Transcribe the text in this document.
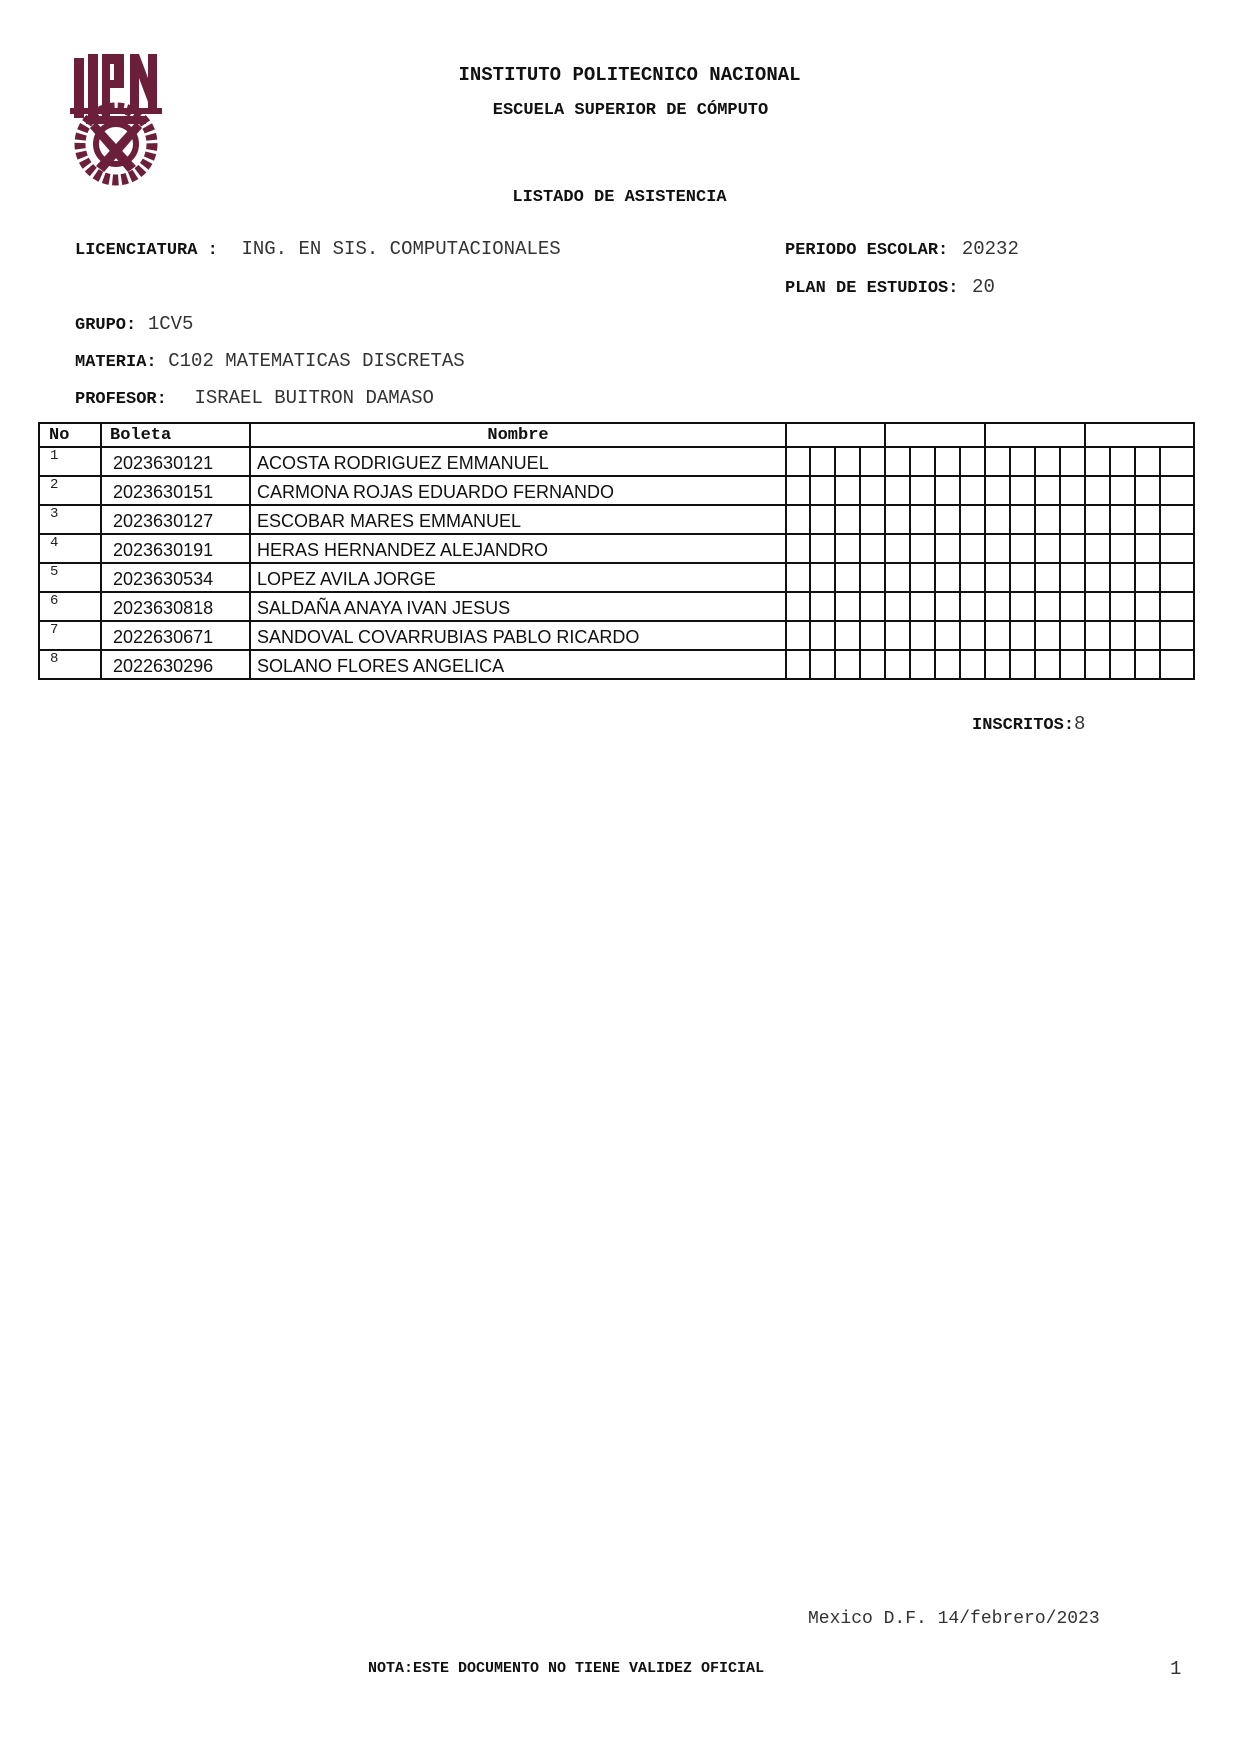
INSTITUTO POLITECNICO NACIONAL
ESCUELA SUPERIOR DE CÓMPUTO
LISTADO DE ASISTENCIA
LICENCIATURA : ING. EN SIS. COMPUTACIONALES	PERIODO ESCOLAR: 20232
PLAN DE ESTUDIOS: 20
GRUPO: 1CV5
MATERIA: C102 MATEMATICAS DISCRETAS
PROFESOR: ISRAEL BUITRON DAMASO
No	Boleta	Nombre																
1	2023630121	ACOSTA RODRIGUEZ EMMANUEL																
2	2023630151	CARMONA ROJAS EDUARDO FERNANDO																
3	2023630127	ESCOBAR MARES EMMANUEL																
4	2023630191	HERAS HERNANDEZ ALEJANDRO																
5	2023630534	LOPEZ AVILA JORGE																
6	2023630818	SALDAÑA ANAYA IVAN JESUS																
7	2022630671	SANDOVAL COVARRUBIAS PABLO RICARDO																
8	2022630296	SOLANO FLORES ANGELICA																
INSCRITOS:8
Mexico D.F. 14/febrero/2023
NOTA:ESTE DOCUMENTO NO TIENE VALIDEZ OFICIAL	1
